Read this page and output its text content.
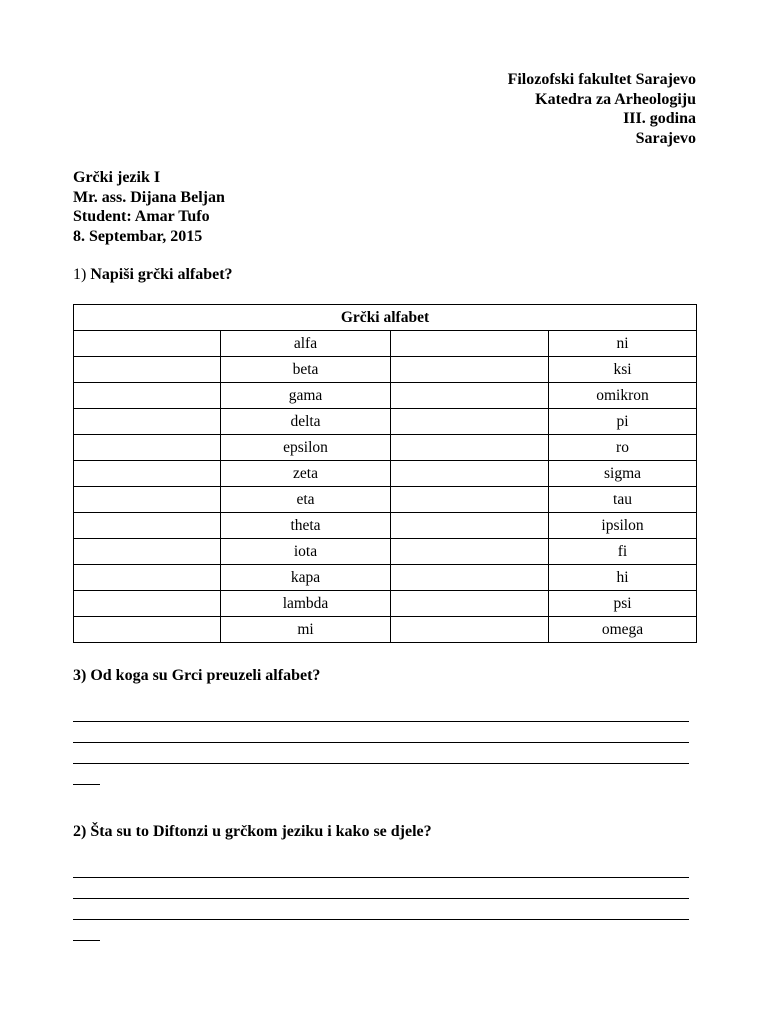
Filozofski fakultet Sarajevo
Katedra za Arheologiju
III. godina
Sarajevo
Grčki jezik I
Mr. ass. Dijana Beljan
Student: Amar Tufo
8. Septembar, 2015
1) Napiši grčki alfabet?
Grčki alfabet			
	alfa		ni
	beta		ksi
	gama		omikron
	delta		pi
	epsilon		ro
	zeta		sigma
	eta		tau
	theta		ipsilon
	iota		fi
	kapa		hi
	lambda		psi
	mi		omega
3) Od koga su Grci preuzeli alfabet?
2) Šta su to Diftonzi u grčkom jeziku i kako se djele?
